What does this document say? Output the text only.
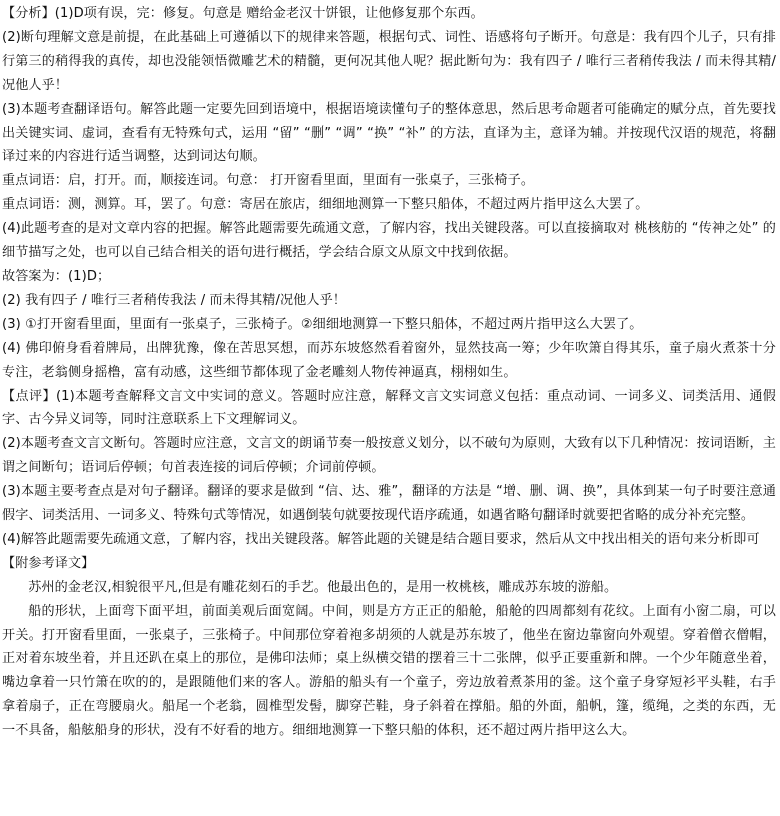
【分析】(1)D项有误，完：修复。句意是 赠给金老汉十饼银，让他修复那个东西。

(2)断句理解文意是前提，在此基础上可遵循以下的规律来答题，根据句式、词性、语感将句子断开。句意是：我有四个儿子，只有排行第三的稍得我的真传，却也没能领悟微雕艺术的精髓，更何况其他人呢？据此断句为：我有四子 / 唯行三者稍传我法 / 而未得其精/况他人乎！

(3)本题考查翻译语句。解答此题一定要先回到语境中，根据语境读懂句子的整体意思，然后思考命题者可能确定的赋分点，首先要找出关键实词、虚词，查看有无特殊句式，运用 “留” “删” “调” “换” “补” 的方法，直译为主，意译为辅。并按现代汉语的规范，将翻译过来的内容进行适当调整，达到词达句顺。

重点词语：启，打开。而，顺接连词。句意： 打开窗看里面，里面有一张桌子，三张椅子。

重点词语：测，测算。耳，罢了。句意：寄居在旅店，细细地测算一下整只船体，不超过两片指甲这么大罢了。

(4)此题考查的是对文章内容的把握。解答此题需要先疏通文意，了解内容，找出关键段落。可以直接摘取对 桃核舫的 “传神之处” 的细节描写之处，也可以自己结合相关的语句进行概括，学会结合原文从原文中找到依据。

故答案为：(1)D；

(2) 我有四子 / 唯行三者稍传我法 / 而未得其精/况他人乎！

(3) ①打开窗看里面，里面有一张桌子，三张椅子。②细细地测算一下整只船体，不超过两片指甲这么大罢了。

(4) 佛印俯身看着牌局，出牌犹豫，像在苦思冥想，而苏东坡悠然看着窗外，显然技高一筹；少年吹箫自得其乐，童子扇火煮茶十分专注，老翁侧身摇橹，富有动感，这些细节都体现了金老雕刻人物传神逼真，栩栩如生。

【点评】(1)本题考查解释文言文中实词的意义。答题时应注意，解释文言文实词意义包括：重点动词、一词多义、词类活用、通假字、古今异义词等，同时注意联系上下文理解词义。

(2)本题考查文言文断句。答题时应注意，文言文的朗诵节奏一般按意义划分，以不破句为原则，大致有以下几种情况：按词语断，主谓之间断句；语词后停顿；句首表连接的词后停顿；介词前停顿。

(3)本题主要考查点是对句子翻译。翻译的要求是做到 “信、达、雅”，翻译的方法是 “增、删、调、换”，具体到某一句子时要注意通假字、词类活用、一词多义、特殊句式等情况，如遇倒装句就要按现代语序疏通，如遇省略句翻译时就要把省略的成分补充完整。

(4)解答此题需要先疏通文意，了解内容，找出关键段落。解答此题的关键是结合题目要求，然后从文中找出相关的语句来分析即可

【附参考译文】

苏州的金老汉,相貌很平凡,但是有雕花刻石的手艺。他最出色的，是用一枚桃核，雕成苏东坡的游船。

船的形状，上面弯下面平坦，前面美观后面宽阔。中间，则是方方正正的船舱，船舱的四周都刻有花纹。上面有小窗二扇，可以开关。打开窗看里面，一张桌子，三张椅子。中间那位穿着袍多胡须的人就是苏东坡了，他坐在窗边靠窗向外观望。穿着僧衣僧帽，正对着东坡坐着，并且还趴在桌上的那位，是佛印法师；桌上纵横交错的摆着三十二张牌，似乎正要重新和牌。一个少年随意坐着，嘴边拿着一只竹箫在吹的的，是跟随他们来的客人。游船的船头有一个童子，旁边放着煮茶用的釜。这个童子身穿短衫平头鞋，右手拿着扇子，正在弯腰扇火。船尾一个老翁，圆椎型发髻，脚穿芒鞋，身子斜着在撑船。船的外面，船帆，篷，缆绳，之类的东西，无一不具备，船舷船身的形状，没有不好看的地方。细细地测算一下整只船的体积，还不超过两片指甲这么大。
